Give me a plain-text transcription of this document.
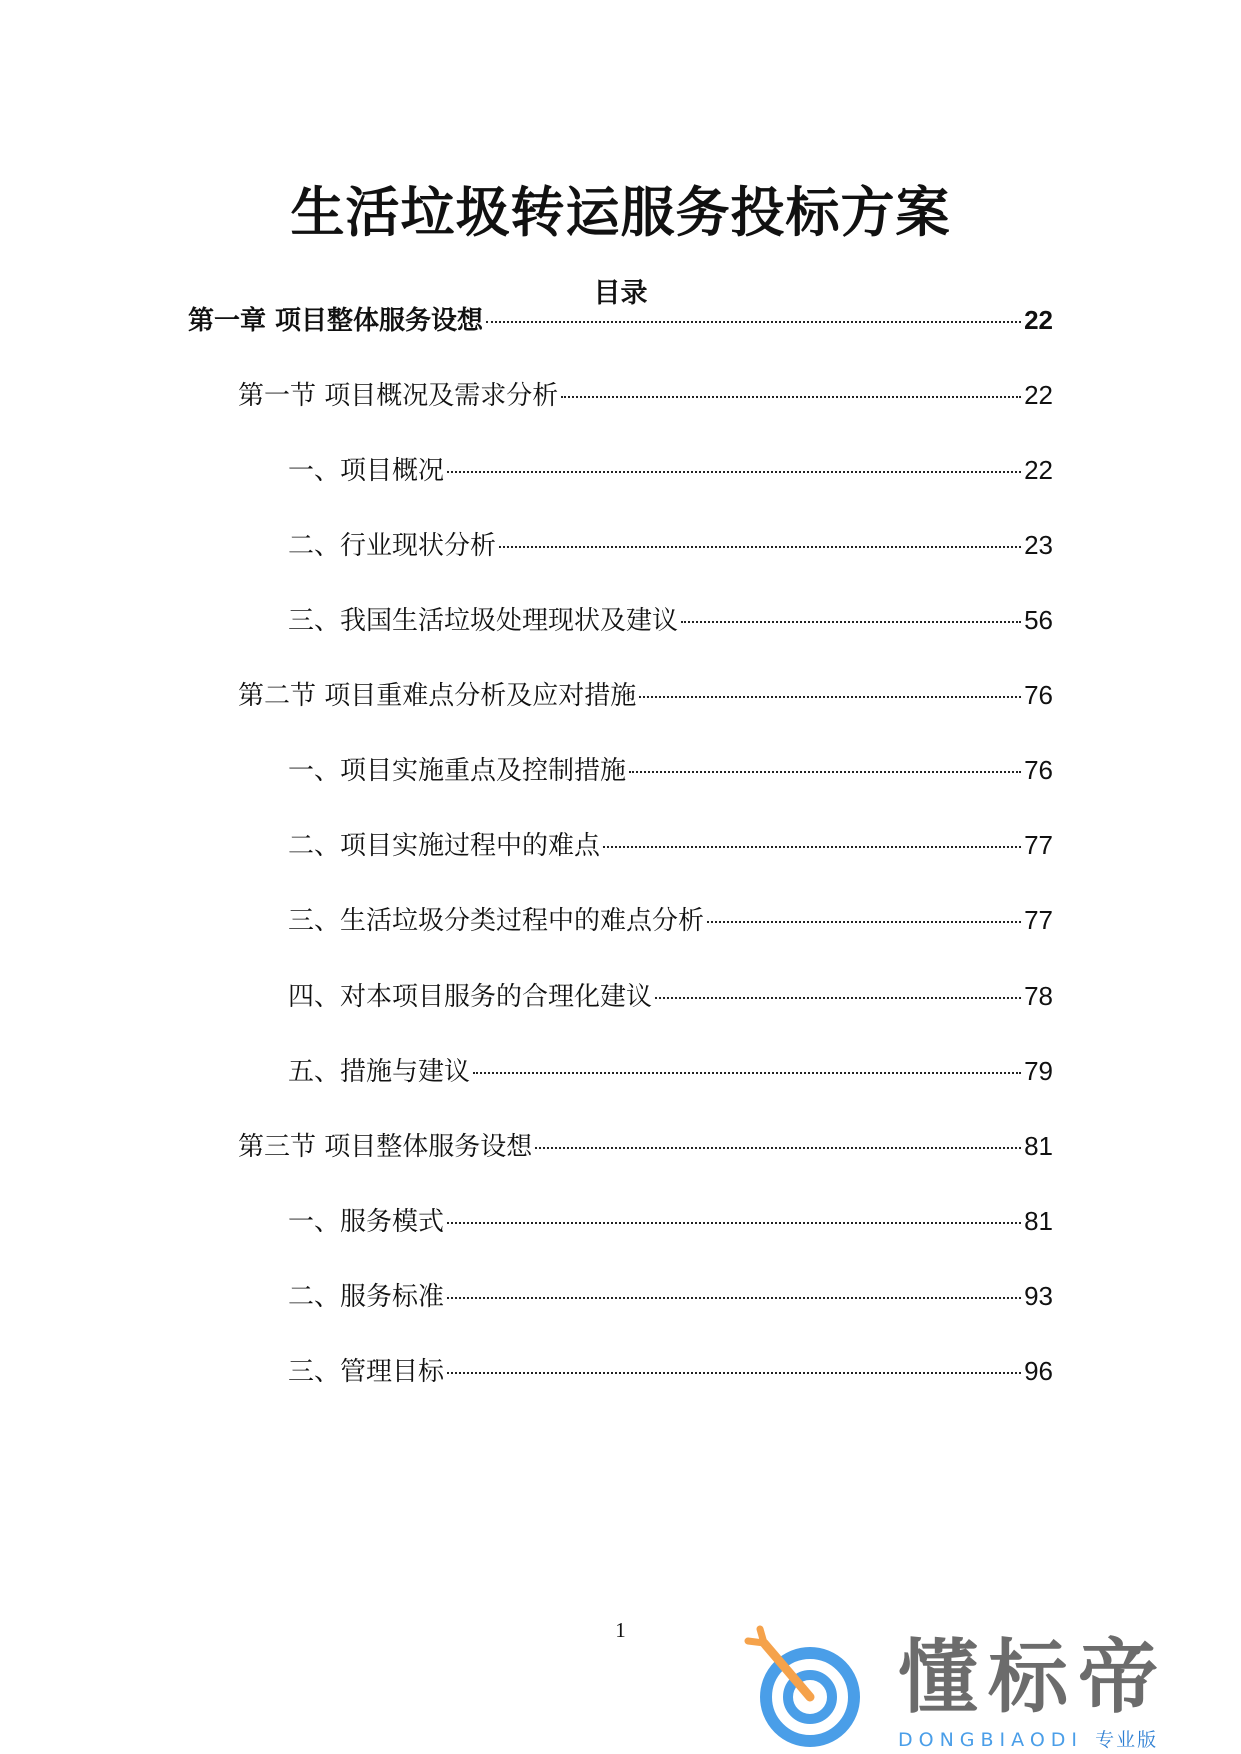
生活垃圾转运服务投标方案
目录
第一章 项目整体服务设想	22
第一节 项目概况及需求分析	22
一、项目概况	22
二、行业现状分析	23
三、我国生活垃圾处理现状及建议	56
第二节 项目重难点分析及应对措施	76
一、项目实施重点及控制措施	76
二、项目实施过程中的难点	77
三、生活垃圾分类过程中的难点分析	77
四、对本项目服务的合理化建议	78
五、措施与建议	79
第三节 项目整体服务设想	81
一、服务模式	81
二、服务标准	93
三、管理目标	96
1
懂标帝
DONGBIAODI 专业版
